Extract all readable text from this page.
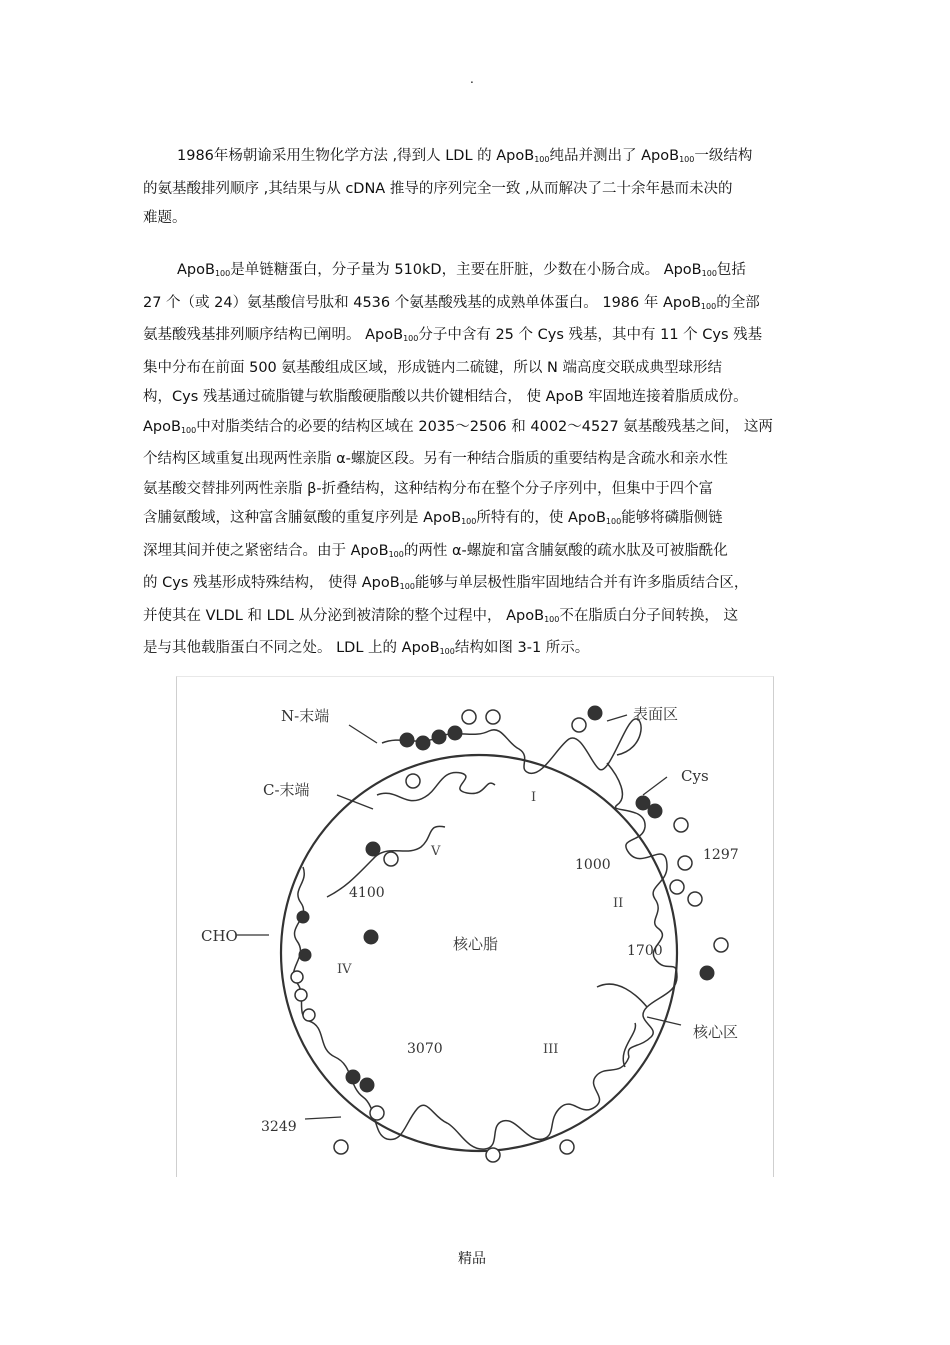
.

1986年杨朝谕采用生物化学方法 ,得到人 LDL 的 ApoB$_{100}$纯品并测出了 ApoB$_{100}$一级结构
的氨基酸排列顺序 ,其结果与从 cDNA 推导的序列完全一致 ,从而解决了二十余年悬而未决的
难题。

ApoB$_{100}$是单链糖蛋白，分子量为 510kD，主要在肝脏，少数在小肠合成。 ApoB$_{100}$包括
27 个（或 24）氨基酸信号肽和 4536 个氨基酸残基的成熟单体蛋白。 1986 年 ApoB$_{100}$的全部
氨基酸残基排列顺序结构已阐明。 ApoB$_{100}$分子中含有 25 个 Cys 残基，其中有 11 个 Cys 残基
集中分布在前面 500 氨基酸组成区域，形成链内二硫键，所以 N 端高度交联成典型球形结
构，Cys 残基通过硫脂键与软脂酸硬脂酸以共价键相结合， 使 ApoB 牢固地连接着脂质成份。
ApoB$_{100}$中对脂类结合的必要的结构区域在 2035～2506 和 4002～4527 氨基酸残基之间， 这两
个结构区域重复出现两性亲脂 α-螺旋区段。另有一种结合脂质的重要结构是含疏水和亲水性
氨基酸交替排列两性亲脂 β-折叠结构，这种结构分布在整个分子序列中，但集中于四个富
含脯氨酸域，这种富含脯氨酸的重复序列是 ApoB$_{100}$所特有的，使 ApoB$_{100}$能够将磷脂侧链
深埋其间并使之紧密结合。由于 ApoB$_{100}$的两性 α-螺旋和富含脯氨酸的疏水肽及可被脂酰化
的 Cys 残基形成特殊结构， 使得 ApoB$_{100}$能够与单层极性脂牢固地结合并有许多脂质结合区，
并使其在 VLDL 和 LDL 从分泌到被清除的整个过程中， ApoB$_{100}$不在脂质白分子间转换， 这
是与其他载脂蛋白不同之处。 LDL 上的 ApoB$_{100}$结构如图 3-1 所示。

N-末端	表面区
Cys
C-末端
核心脂
核心区
CHO
1000
1297
1700
3070
3249
4100
I
II
III
IV
V
精品
